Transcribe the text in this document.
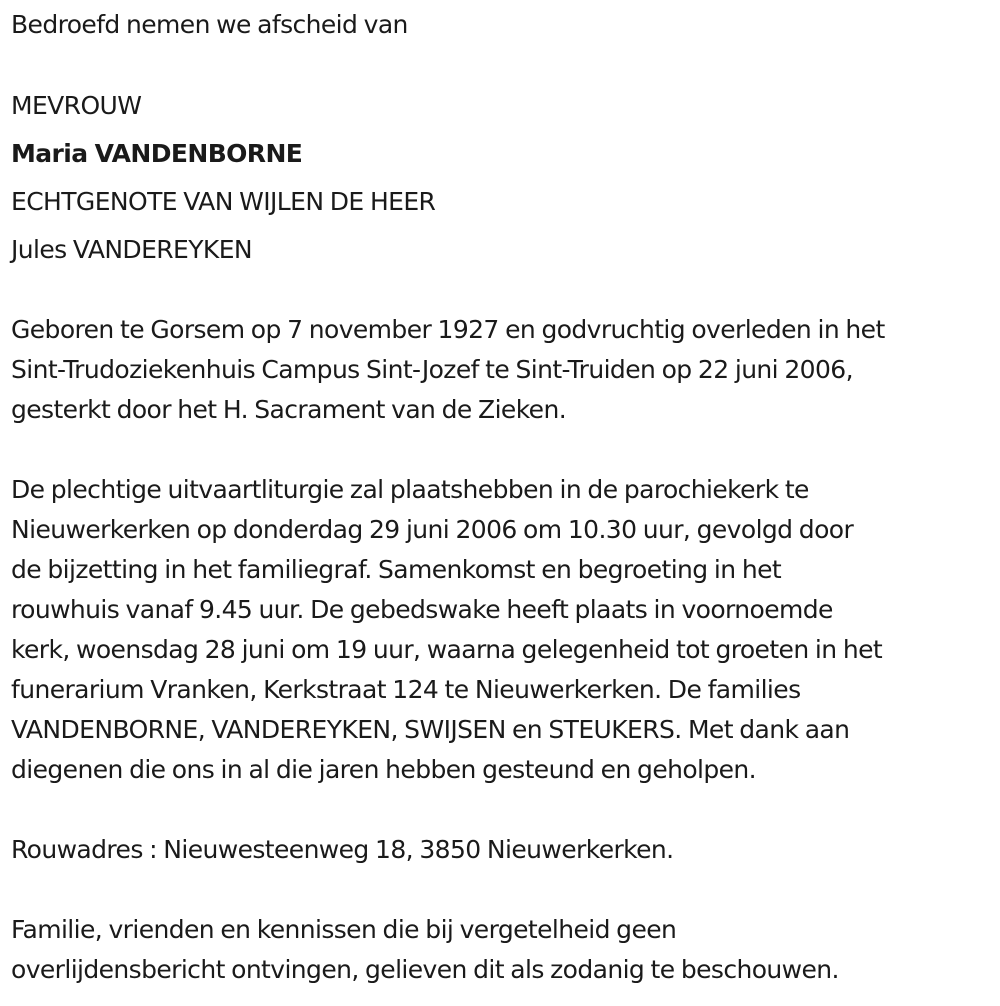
Bedroefd nemen we afscheid van
MEVROUW
Maria VANDENBORNE
ECHTGENOTE VAN WIJLEN DE HEER
Jules VANDEREYKEN
Geboren te Gorsem op 7 november 1927 en godvruchtig overleden in het
Sint-Trudoziekenhuis Campus Sint-Jozef te Sint-Truiden op 22 juni 2006,
gesterkt door het H. Sacrament van de Zieken.
De plechtige uitvaartliturgie zal plaatshebben in de parochiekerk te
Nieuwerkerken op donderdag 29 juni 2006 om 10.30 uur, gevolgd door
de bijzetting in het familiegraf. Samenkomst en begroeting in het
rouwhuis vanaf 9.45 uur. De gebedswake heeft plaats in voornoemde
kerk, woensdag 28 juni om 19 uur, waarna gelegenheid tot groeten in het
funerarium Vranken, Kerkstraat 124 te Nieuwerkerken. De families
VANDENBORNE, VANDEREYKEN, SWIJSEN en STEUKERS. Met dank aan
diegenen die ons in al die jaren hebben gesteund en geholpen.
Rouwadres : Nieuwesteenweg 18, 3850 Nieuwerkerken.
Familie, vrienden en kennissen die bij vergetelheid geen
overlijdensbericht ontvingen, gelieven dit als zodanig te beschouwen.
